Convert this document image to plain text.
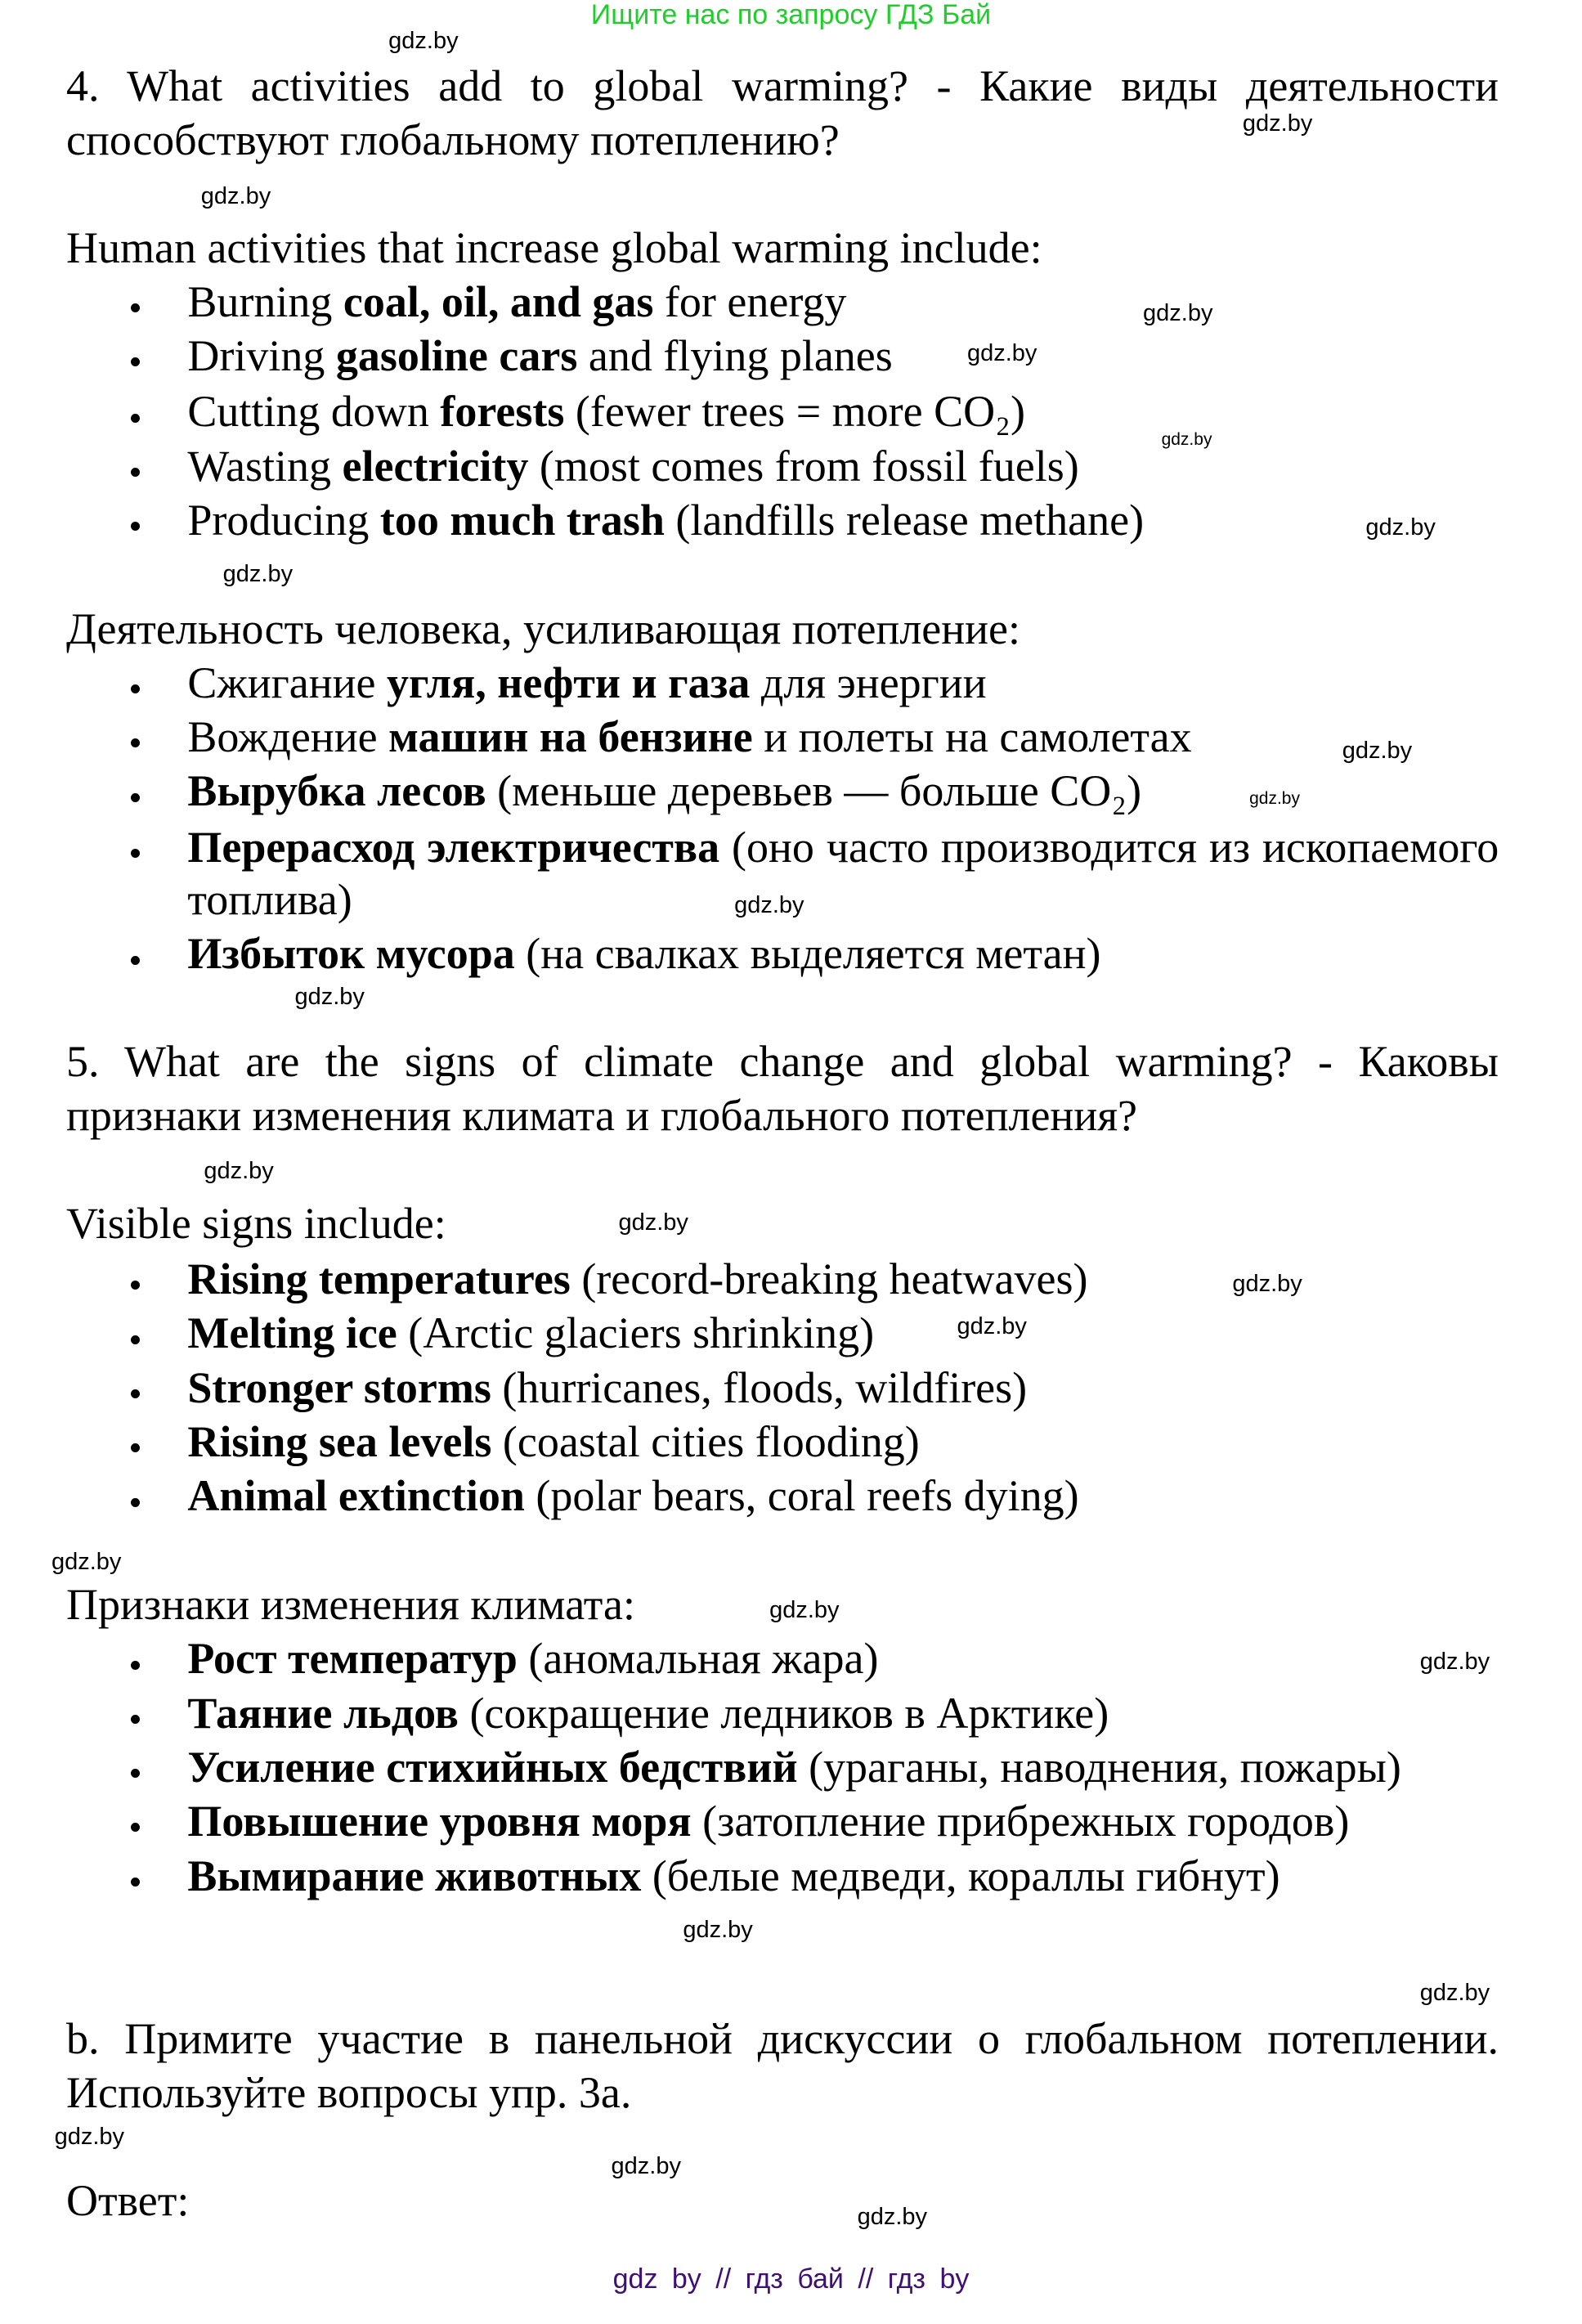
Ищите нас по запросу ГДЗ Бай
4. What activities add to global warming? - Какие виды деятельности способствуют глобальному потеплению?
Human activities that increase global warming include:
Burning coal, oil, and gas for energy
Driving gasoline cars and flying planes
Cutting down forests (fewer trees = more CO₂)
Wasting electricity (most comes from fossil fuels)
Producing too much trash (landfills release methane)
Деятельность человека, усиливающая потепление:
Сжигание угля, нефти и газа для энергии
Вождение машин на бензине и полеты на самолетах
Вырубка лесов (меньше деревьев — больше CO₂)
Перерасход электричества (оно часто производится из ископаемого топлива)
Избыток мусора (на свалках выделяется метан)
5. What are the signs of climate change and global warming? - Каковы признаки изменения климата и глобального потепления?
Visible signs include:
Rising temperatures (record-breaking heatwaves)
Melting ice (Arctic glaciers shrinking)
Stronger storms (hurricanes, floods, wildfires)
Rising sea levels (coastal cities flooding)
Animal extinction (polar bears, coral reefs dying)
Признаки изменения климата:
Рост температур (аномальная жара)
Таяние льдов (сокращение ледников в Арктике)
Усиление стихийных бедствий (ураганы, наводнения, пожары)
Повышение уровня моря (затопление прибрежных городов)
Вымирание животных (белые медведи, кораллы гибнут)
b. Примите участие в панельной дискуссии о глобальном потеплении. Используйте вопросы упр. 3а.
Ответ:
gdz.by
gdz.by
gdz.by
gdz.by
gdz.by
gdz.by
gdz.by
gdz.by
gdz.by
gdz.by
gdz.by
gdz.by
gdz.by
gdz.by
gdz.by
gdz.by
gdz.by
gdz.by
gdz.by
gdz.by
gdz.by
gdz.by
gdz.by
gdz.by
gdz by // гдз бай // гдз by
